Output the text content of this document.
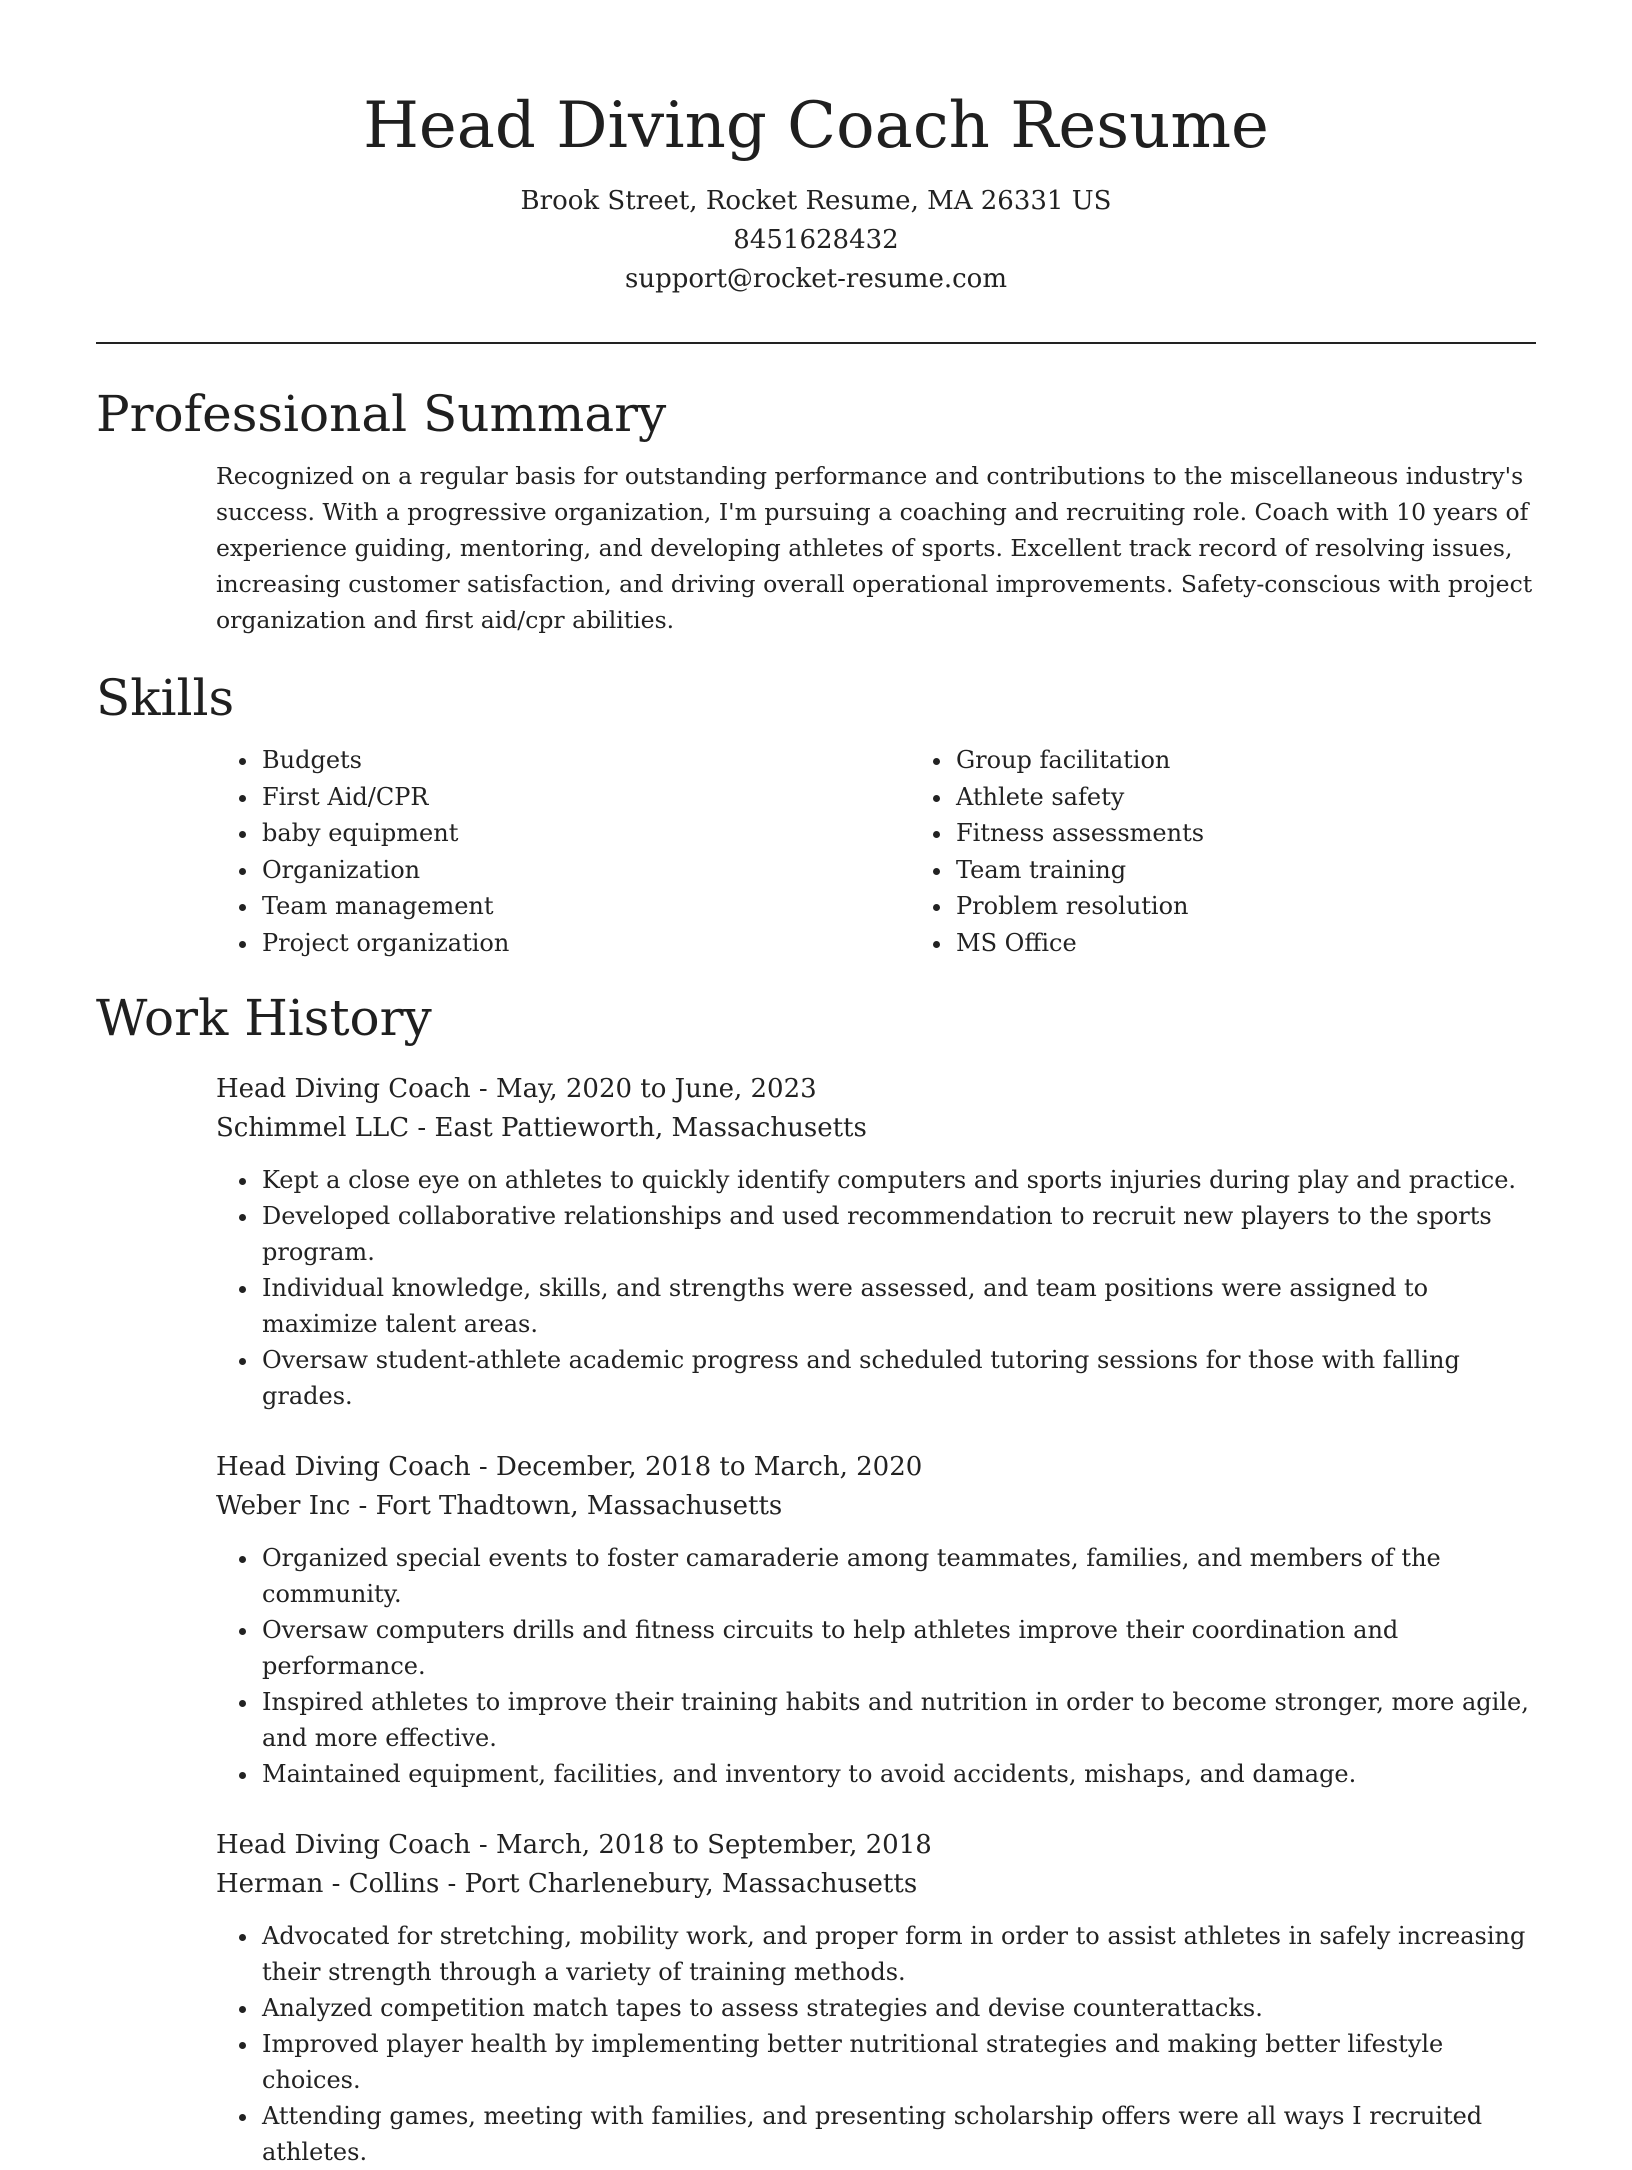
Head Diving Coach Resume
Brook Street, Rocket Resume, MA 26331 US
8451628432
support@rocket-resume.com
Professional Summary

Recognized on a regular basis for outstanding performance and contributions to the miscellaneous industry's success. With a progressive organization, I'm pursuing a coaching and recruiting role. Coach with 10 years of experience guiding, mentoring, and developing athletes of sports. Excellent track record of resolving issues, increasing customer satisfaction, and driving overall operational improvements. Safety-conscious with project organization and first aid/cpr abilities.

Skills
• Budgets
• First Aid/CPR
• baby equipment
• Organization
• Team management
• Project organization
• Group facilitation
• Athlete safety
• Fitness assessments
• Team training
• Problem resolution
• MS Office
Work History
Head Diving Coach - May, 2020 to June, 2023
Schimmel LLC - East Pattieworth, Massachusetts
• Kept a close eye on athletes to quickly identify computers and sports injuries during play and practice.
• Developed collaborative relationships and used recommendation to recruit new players to the sports program.
• Individual knowledge, skills, and strengths were assessed, and team positions were assigned to maximize talent areas.
• Oversaw student-athlete academic progress and scheduled tutoring sessions for those with falling grades.
Head Diving Coach - December, 2018 to March, 2020
Weber Inc - Fort Thadtown, Massachusetts
• Organized special events to foster camaraderie among teammates, families, and members of the community.
• Oversaw computers drills and fitness circuits to help athletes improve their coordination and performance.
• Inspired athletes to improve their training habits and nutrition in order to become stronger, more agile, and more effective.
• Maintained equipment, facilities, and inventory to avoid accidents, mishaps, and damage.
Head Diving Coach - March, 2018 to September, 2018
Herman - Collins - Port Charlenebury, Massachusetts
• Advocated for stretching, mobility work, and proper form in order to assist athletes in safely increasing their strength through a variety of training methods.
• Analyzed competition match tapes to assess strategies and devise counterattacks.
• Improved player health by implementing better nutritional strategies and making better lifestyle choices.
• Attending games, meeting with families, and presenting scholarship offers were all ways I recruited athletes.
